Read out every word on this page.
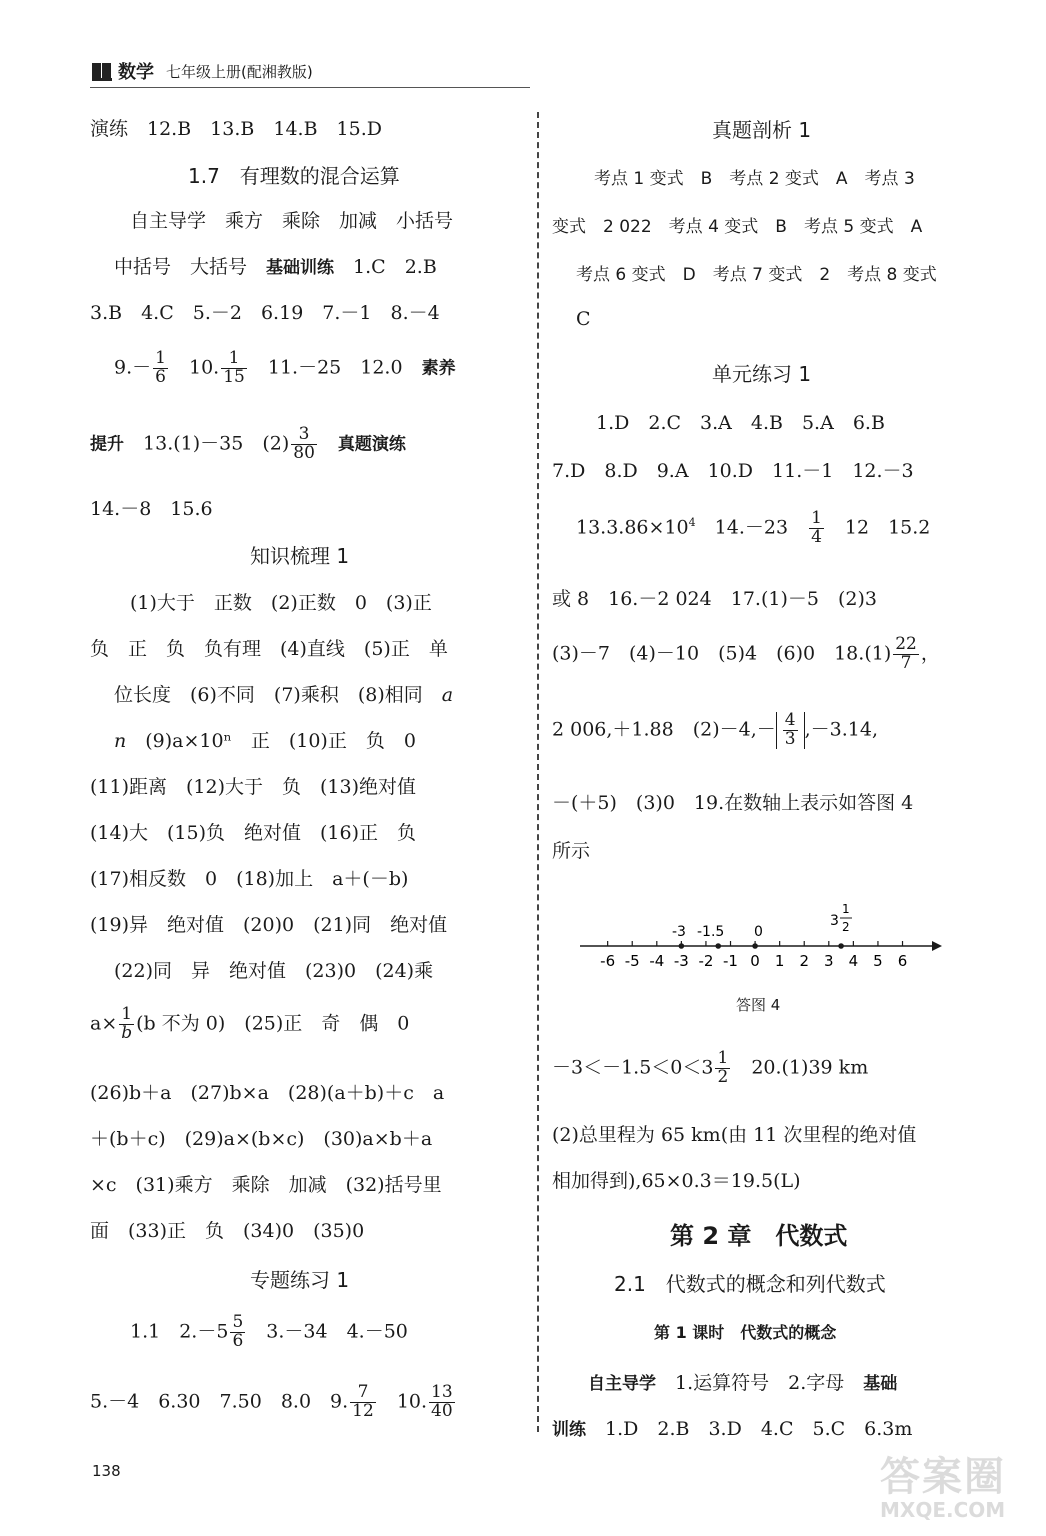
数学 七年级上册(配湘教版)
演练　12.B　13.B　14.B　15.D
1.7　有理数的混合运算
自主导学　乘方　乘除　加减　小括号
中括号　大括号　 基础训练　 1.C　2.B
3.B　4.C　5.－2　6.19　7.－1　8.－4
$9.- \frac{1}{6}$
　 10. $\frac{1}{15}$
　 11.－25　12.0　 素养
提升　 13.(1)－35　$(2) \frac{3}{80}$
　 真题演练
14.－8　15.6
知识梳理 1
(1)大于　正数　(2)正数　0　(3)正
负　正　负　负有理　(4)直线　(5)正　单
位长度　(6)不同　(7)乘积　(8)相同　 a
n　 (9)a×10ⁿ　正　(10)正　负　0
(11)距离　(12)大于　负　(13)绝对值
(14)大　(15)负　绝对值　(16)正　负
(17)相反数　0　(18)加上　a＋(－b)
(19)异　绝对值　(20)0　(21)同　绝对值
(22)同　异　绝对值　(23)0　(24)乘
$a\times \frac{1}{b} (b$ 不为 0)　(25)正　奇　偶　0
(26)b＋a　(27)b×a　(28)(a＋b)＋c　a
＋(b＋c)　(29)a×(b×c)　(30)a×b＋a
×c　(31)乘方　乘除　加减　(32)括号里
面　(33)正　负　(34)0　(35)0
专题练习 1
1.1　$2.-5 \frac{5}{6}$
　 3.－34　4.－50
5.－4　6.30　7.50　8.0　9. $\frac{7}{12}$
　 10. $\frac{13}{40}$
真题剖析 1
考点 1 变式　B　考点 2 变式　A　考点 3
变式　2 022　考点 4 变式　B　考点 5 变式　A
考点 6 变式　D　考点 7 变式　2　考点 8 变式
C
单元练习 1
1.D　2.C　3.A　4.B　5.A　6.B
7.D　8.D　9.A　10.D　11.－1　12.－3
$13.3.86\times 10^4$　 14.－23　 $\frac{1}{4}$
　 12　15.2
或 8　16.－2 024　17.(1)－5　(2)3
(3)－7　(4)－10　(5)4　(6)0　$18.(1) \frac{22}{7}$ ，
2 006,＋1.88　$(2)-4,- \frac{4}{3} ,-3.14$,
－(＋5)　(3)0　19.在数轴上表示如答图 4
所示
-6 -5 -4 -3 -2 -1 0 1 2 3 4 5 6
-3 -1.5 0
3
1
2
答图 4
$-3<-1.5<0<3 \frac{1}{2}$
　 20.(1)39 km
(2)总里程为 65 km(由 11 次里程的绝对值
相加得到),65×0.3＝19.5(L)
第 2 章　代数式
2.1　代数式的概念和列代数式
第 1 课时　代数式的概念
自主导学　 1.运算符号　2.字母　 基础
训练　 1.D　2.B　3.D　4.C　5.C　6.3m
138	答案圈
MXQE.COM
